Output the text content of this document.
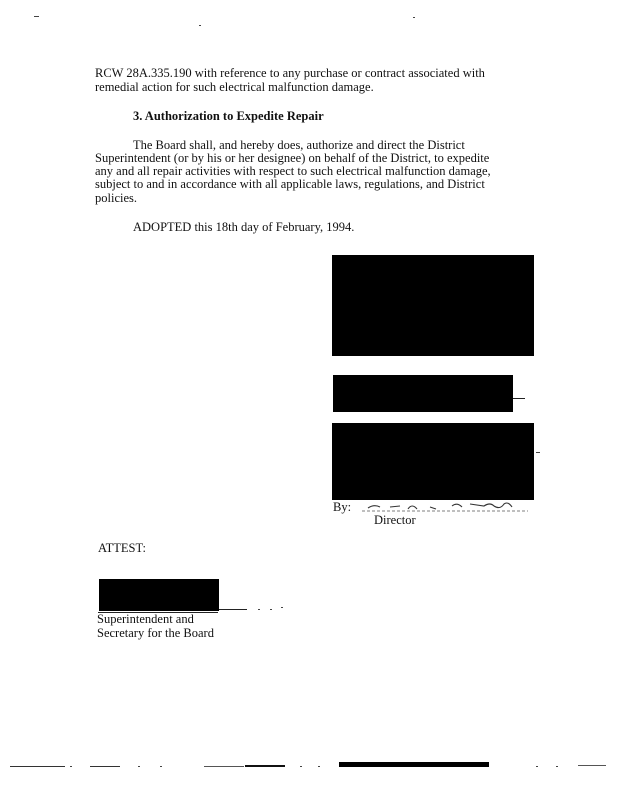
RCW 28A.335.190 with reference to any purchase or contract associated with
remedial action for such electrical malfunction damage.
3. Authorization to Expedite Repair
The Board shall, and hereby does, authorize and direct the District
Superintendent (or by his or her designee) on behalf of the District, to expedite
any and all repair activities with respect to such electrical malfunction damage,
subject to and in accordance with all applicable laws, regulations, and District
policies.
ADOPTED this 18th day of February, 1994.
By:
Director
ATTEST:
Superintendent and
Secretary for the Board
